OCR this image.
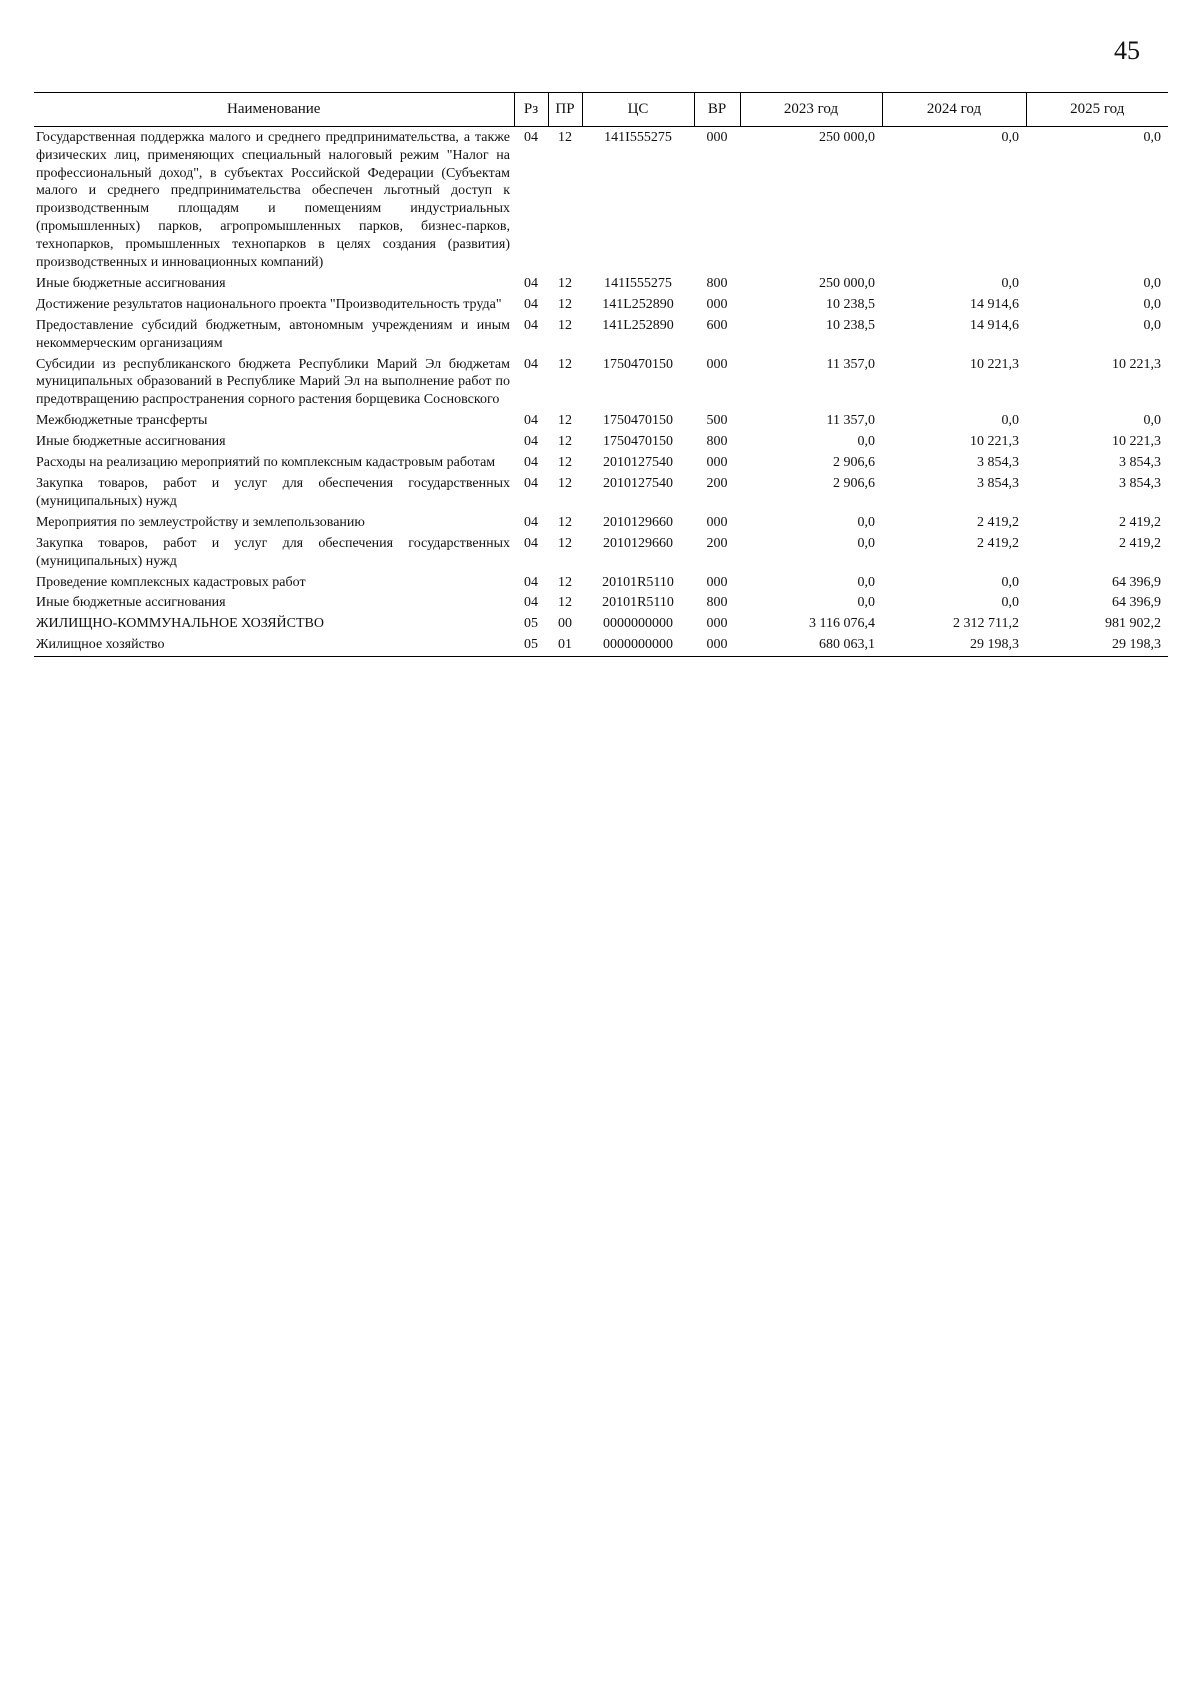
45
Наименование	Рз	ПР	ЦС	ВР	2023 год	2024 год	2025 год
Государственная поддержка малого и среднего предпринимательства, а также физических лиц, применяющих специальный налоговый режим "Налог на профессиональный доход", в субъектах Российской Федерации (Субъектам малого и среднего предпринимательства обеспечен льготный доступ к производственным площадям и помещениям индустриальных (промышленных) парков, агропромышленных парков, бизнес-парков, технопарков, промышленных технопарков в целях создания (развития) производственных и инновационных компаний)	04	12	141I555275	000	250 000,0	0,0	0,0
Иные бюджетные ассигнования	04	12	141I555275	800	250 000,0	0,0	0,0
Достижение результатов национального проекта "Производительность труда"	04	12	141L252890	000	10 238,5	14 914,6	0,0
Предоставление субсидий бюджетным, автономным учреждениям и иным некоммерческим организациям	04	12	141L252890	600	10 238,5	14 914,6	0,0
Субсидии из республиканского бюджета Республики Марий Эл бюджетам муниципальных образований в Республике Марий Эл на выполнение работ по предотвращению распространения сорного растения борщевика Сосновского	04	12	1750470150	000	11 357,0	10 221,3	10 221,3
Межбюджетные трансферты	04	12	1750470150	500	11 357,0	0,0	0,0
Иные бюджетные ассигнования	04	12	1750470150	800	0,0	10 221,3	10 221,3
Расходы на реализацию мероприятий по комплексным кадастровым работам	04	12	2010127540	000	2 906,6	3 854,3	3 854,3
Закупка товаров, работ и услуг для обеспечения государственных (муниципальных) нужд	04	12	2010127540	200	2 906,6	3 854,3	3 854,3
Мероприятия по землеустройству и землепользованию	04	12	2010129660	000	0,0	2 419,2	2 419,2
Закупка товаров, работ и услуг для обеспечения государственных (муниципальных) нужд	04	12	2010129660	200	0,0	2 419,2	2 419,2
Проведение комплексных кадастровых работ	04	12	20101R5110	000	0,0	0,0	64 396,9
Иные бюджетные ассигнования	04	12	20101R5110	800	0,0	0,0	64 396,9
ЖИЛИЩНО-КОММУНАЛЬНОЕ ХОЗЯЙСТВО	05	00	0000000000	000	3 116 076,4	2 312 711,2	981 902,2
Жилищное хозяйство	05	01	0000000000	000	680 063,1	29 198,3	29 198,3
